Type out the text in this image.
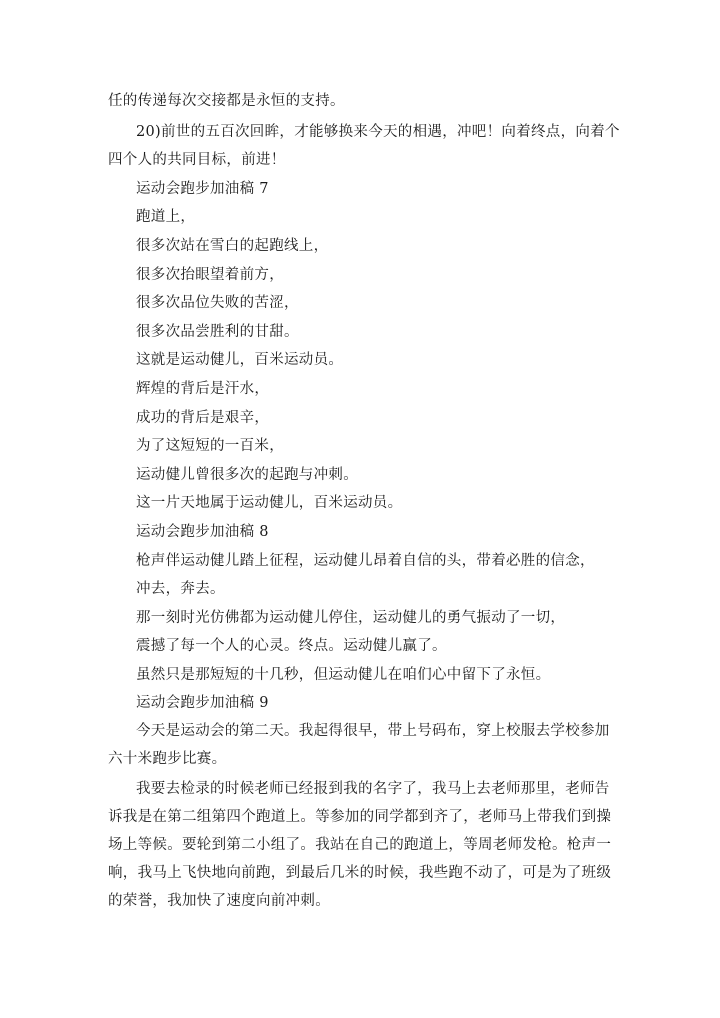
任的传递每次交接都是永恒的支持。

20)前世的五百次回眸，才能够换来今天的相遇，冲吧！向着终点，向着个

四个人的共同目标，前进！

运动会跑步加油稿 7

跑道上，

很多次站在雪白的起跑线上，

很多次抬眼望着前方，

很多次品位失败的苦涩，

很多次品尝胜利的甘甜。

这就是运动健儿，百米运动员。

辉煌的背后是汗水，

成功的背后是艰辛，

为了这短短的一百米，

运动健儿曾很多次的起跑与冲刺。

这一片天地属于运动健儿，百米运动员。

运动会跑步加油稿 8

枪声伴运动健儿踏上征程，运动健儿昂着自信的头，带着必胜的信念，

冲去，奔去。

那一刻时光仿佛都为运动健儿停住，运动健儿的勇气振动了一切，

震撼了每一个人的心灵。终点。运动健儿赢了。

虽然只是那短短的十几秒，但运动健儿在咱们心中留下了永恒。

运动会跑步加油稿 9

今天是运动会的第二天。我起得很早，带上号码布，穿上校服去学校参加

六十米跑步比赛。

我要去检录的时候老师已经报到我的名字了，我马上去老师那里，老师告

诉我是在第二组第四个跑道上。等参加的同学都到齐了，老师马上带我们到操

场上等候。要轮到第二小组了。我站在自己的跑道上，等周老师发枪。枪声一

响，我马上飞快地向前跑，到最后几米的时候，我些跑不动了，可是为了班级

的荣誉，我加快了速度向前冲刺。
